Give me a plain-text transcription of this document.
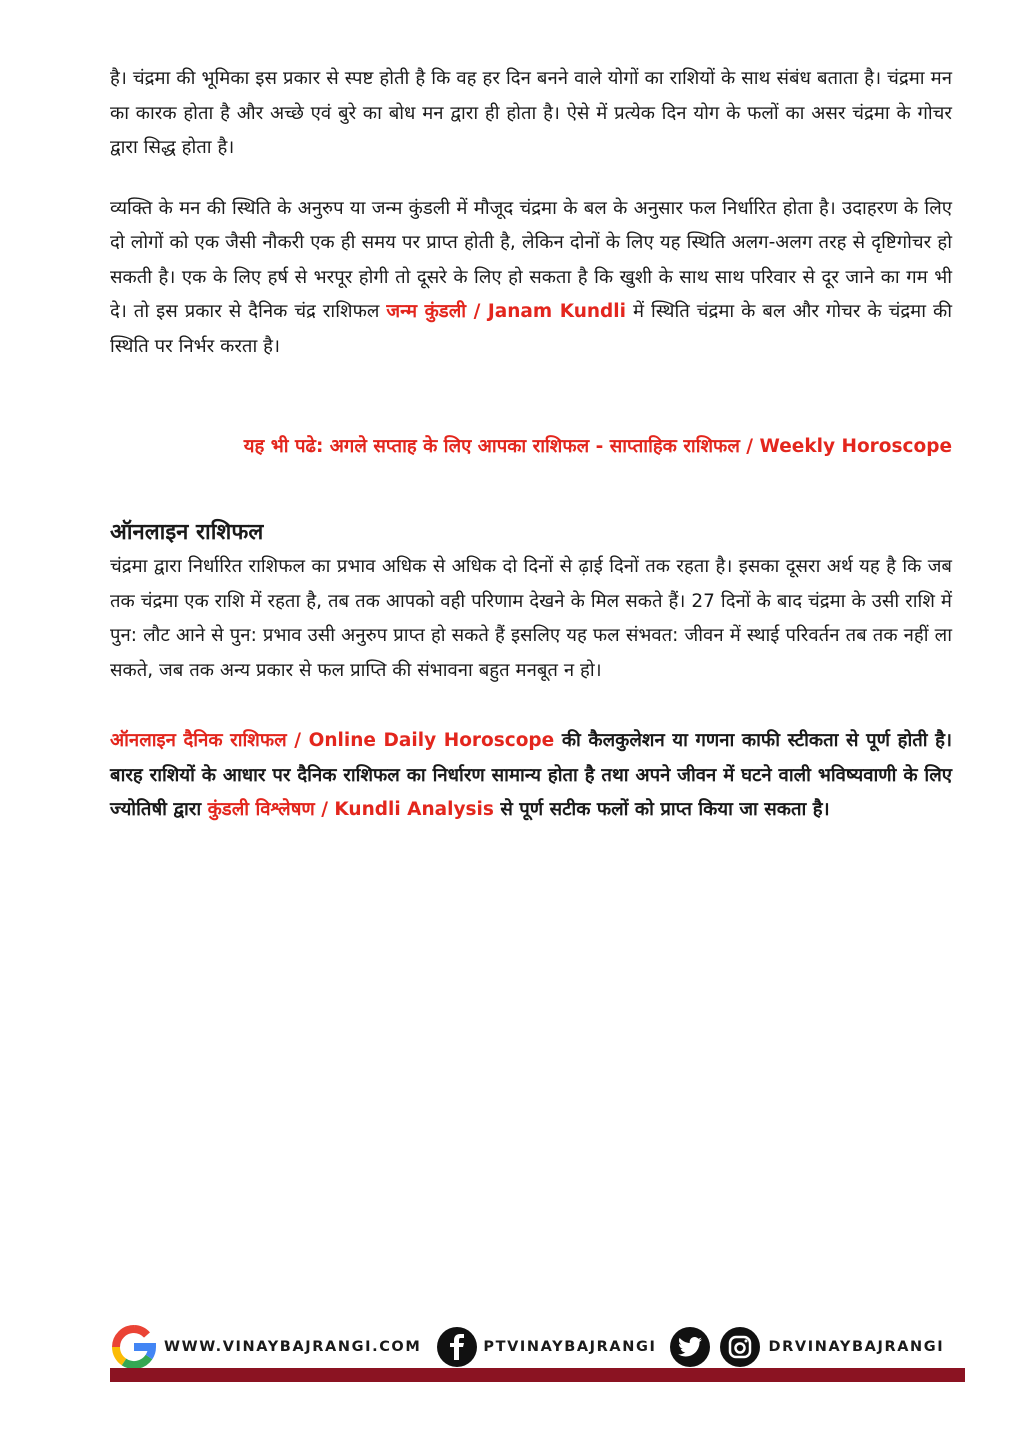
है। चंद्रमा की भूमिका इस प्रकार से स्पष्ट होती है कि वह हर दिन बनने वाले योगों का राशियों के साथ संबंध बताता है। चंद्रमा मन का कारक होता है और अच्छे एवं बुरे का बोध मन द्वारा ही होता है। ऐसे में प्रत्येक दिन योग के फलों का असर चंद्रमा के गोचर द्वारा सिद्ध होता है।

व्यक्ति के मन की स्थिति के अनुरुप या जन्म कुंडली में मौजूद चंद्रमा के बल के अनुसार फल निर्धारित होता है। उदाहरण के लिए दो लोगों को एक जैसी नौकरी एक ही समय पर प्राप्त होती है, लेकिन दोनों के लिए यह स्थिति अलग-अलग तरह से दृष्टिगोचर हो सकती है। एक के लिए हर्ष से भरपूर होगी तो दूसरे के लिए हो सकता है कि खुशी के साथ साथ परिवार से दूर जाने का गम भी दे। तो इस प्रकार से दैनिक चंद्र राशिफल जन्म कुंडली / Janam Kundli में स्थिति चंद्रमा के बल और गोचर के चंद्रमा की स्थिति पर निर्भर करता है।

यह भी पढे: अगले सप्ताह के लिए आपका राशिफल - साप्ताहिक राशिफल / Weekly Horoscope

ऑनलाइन राशिफल

चंद्रमा द्वारा निर्धारित राशिफल का प्रभाव अधिक से अधिक दो दिनों से ढ़ाई दिनों तक रहता है। इसका दूसरा अर्थ यह है कि जब तक चंद्रमा एक राशि में रहता है, तब तक आपको वही परिणाम देखने के मिल सकते हैं। 27 दिनों के बाद चंद्रमा के उसी राशि में पुन: लौट आने से पुन: प्रभाव उसी अनुरुप प्राप्त हो सकते हैं इसलिए यह फल संभवत: जीवन में स्थाई परिवर्तन तब तक नहीं ला सकते, जब तक अन्य प्रकार से फल प्राप्ति की संभावना बहुत मनबूत न हो।

ऑनलाइन दैनिक राशिफल / Online Daily Horoscope की कैलकुलेशन या गणना काफी स्टीकता से पूर्ण होती है। बारह राशियों के आधार पर दैनिक राशिफल का निर्धारण सामान्य होता है तथा अपने जीवन में घटने वाली भविष्यवाणी के लिए ज्योतिषी द्वारा कुंडली विश्लेषण / Kundli Analysis से पूर्ण सटीक फलों को प्राप्त किया जा सकता है।

WWW.VINAYBAJRANGI.COM	PTVINAYBAJRANGI	DRVINAYBAJRANGI
